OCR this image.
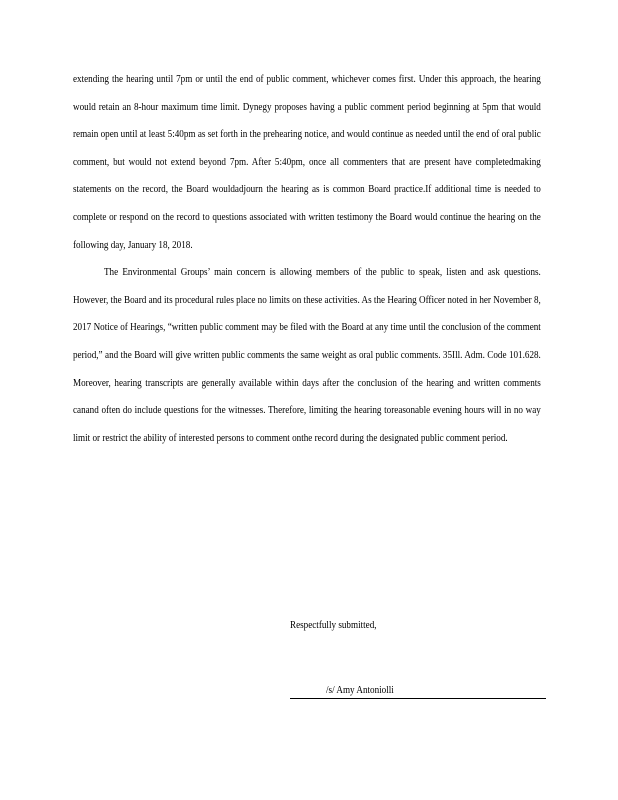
extending the hearing until 7pm or until the end of public comment, whichever comes first. Under this approach, the hearing would retain an 8-hour maximum time limit. Dynegy proposes having a public comment period beginning at 5pm that would remain open until at least 5:40pm as set forth in the prehearing notice, and would continue as needed until the end of oral public comment, but would not extend beyond 7pm. After 5:40pm, once all commenters that are present have completedmaking statements on the record, the Board wouldadjourn the hearing as is common Board practice.If additional time is needed to complete or respond on the record to questions associated with written testimony the Board would continue the hearing on the following day, January 18, 2018.

The Environmental Groups’ main concern is allowing members of the public to speak, listen and ask questions. However, the Board and its procedural rules place no limits on these activities. As the Hearing Officer noted in her November 8, 2017 Notice of Hearings, “written public comment may be filed with the Board at any time until the conclusion of the comment period,” and the Board will give written public comments the same weight as oral public comments. 35Ill. Adm. Code 101.628. Moreover, hearing transcripts are generally available within days after the conclusion of the hearing and written comments canand often do include questions for the witnesses. Therefore, limiting the hearing toreasonable evening hours will in no way limit or restrict the ability of interested persons to comment onthe record during the designated public comment period.

Respectfully submitted,
/s/ Amy Antoniolli
